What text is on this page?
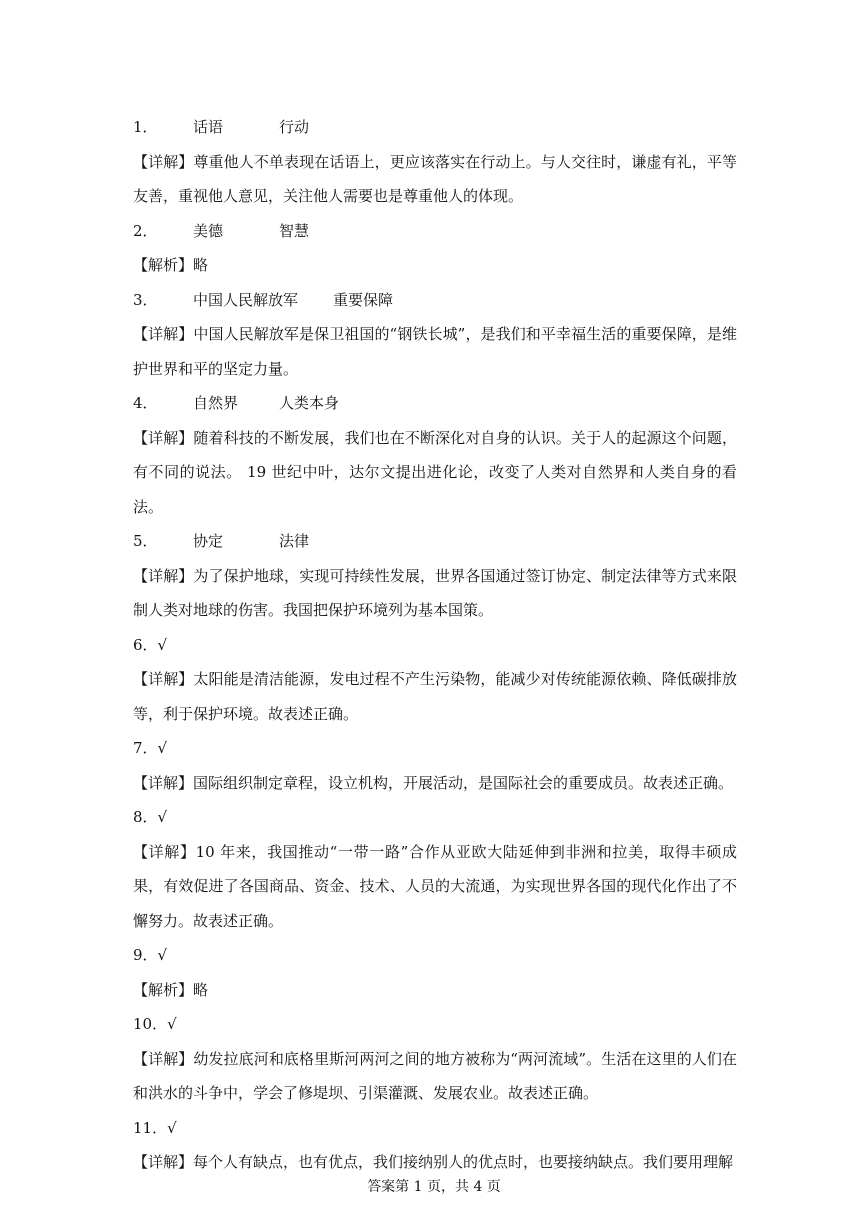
1． 话语	行动

【详解】尊重他人不单表现在话语上，更应该落实在行动上。与人交往时，谦虚有礼，平等友善，重视他人意见，关注他人需要也是尊重他人的体现。

2． 美德	智慧

【解析】略

3． 中国人民解放军 重要保障

【详解】中国人民解放军是保卫祖国的“钢铁长城”，是我们和平幸福生活的重要保障，是维护世界和平的坚定力量。

4． 自然界	人类本身

【详解】随着科技的不断发展，我们也在不断深化对自身的认识。关于人的起源这个问题，有不同的说法。 19 世纪中叶，达尔文提出进化论，改变了人类对自然界和人类自身的看法。

5． 协定	法律

【详解】为了保护地球，实现可持续性发展，世界各国通过签订协定、制定法律等方式来限制人类对地球的伤害。我国把保护环境列为基本国策。

6．√

【详解】太阳能是清洁能源，发电过程不产生污染物，能减少对传统能源依赖、降低碳排放等，利于保护环境。故表述正确。

7．√

【详解】国际组织制定章程，设立机构，开展活动，是国际社会的重要成员。故表述正确。

8．√

【详解】10 年来，我国推动“一带一路”合作从亚欧大陆延伸到非洲和拉美，取得丰硕成果，有效促进了各国商品、资金、技术、人员的大流通，为实现世界各国的现代化作出了不懈努力。故表述正确。

9．√

【解析】略

10．√

【详解】幼发拉底河和底格里斯河两河之间的地方被称为“两河流域”。生活在这里的人们在和洪水的斗争中，学会了修堤坝、引渠灌溉、发展农业。故表述正确。

11．√

【详解】每个人有缺点，也有优点，我们接纳别人的优点时，也要接纳缺点。我们要用理解

答案第 1 页，共 4 页
